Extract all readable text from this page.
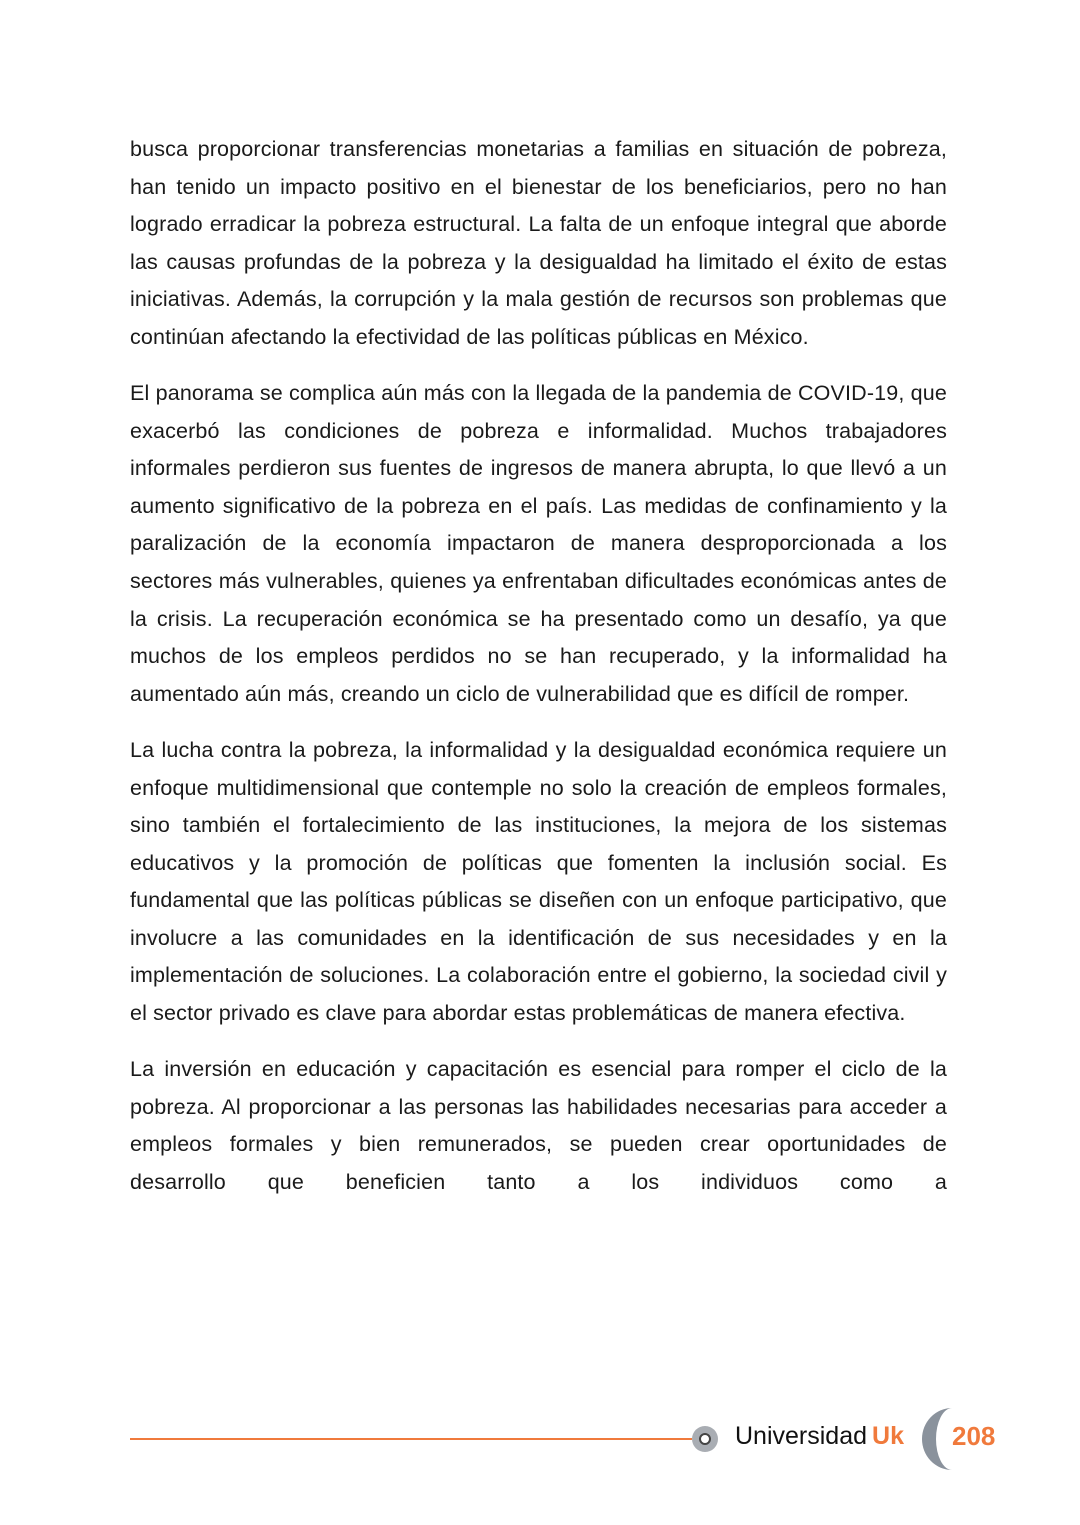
busca proporcionar transferencias monetarias a familias en situación de pobreza, han tenido un impacto positivo en el bienestar de los beneficiarios, pero no han logrado erradicar la pobreza estructural. La falta de un enfoque integral que aborde las causas profundas de la pobreza y la desigualdad ha limitado el éxito de estas iniciativas. Además, la corrupción y la mala gestión de recursos son problemas que continúan afectando la efectividad de las políticas públicas en México.

El panorama se complica aún más con la llegada de la pandemia de COVID-19, que exacerbó las condiciones de pobreza e informalidad. Muchos trabajadores informales perdieron sus fuentes de ingresos de manera abrupta, lo que llevó a un aumento significativo de la pobreza en el país. Las medidas de confinamiento y la paralización de la economía impactaron de manera desproporcionada a los sectores más vulnerables, quienes ya enfrentaban dificultades económicas antes de la crisis. La recuperación económica se ha presentado como un desafío, ya que muchos de los empleos perdidos no se han recuperado, y la informalidad ha aumentado aún más, creando un ciclo de vulnerabilidad que es difícil de romper.

La lucha contra la pobreza, la informalidad y la desigualdad económica requiere un enfoque multidimensional que contemple no solo la creación de empleos formales, sino también el fortalecimiento de las instituciones, la mejora de los sistemas educativos y la promoción de políticas que fomenten la inclusión social. Es fundamental que las políticas públicas se diseñen con un enfoque participativo, que involucre a las comunidades en la identificación de sus necesidades y en la implementación de soluciones. La colaboración entre el gobierno, la sociedad civil y el sector privado es clave para abordar estas problemáticas de manera efectiva.

La inversión en educación y capacitación es esencial para romper el ciclo de la pobreza. Al proporcionar a las personas las habilidades necesarias para acceder a empleos formales y bien remunerados, se pueden crear oportunidades de desarrollo que beneficien tanto a los individuos como a

Universidad Uk 208
